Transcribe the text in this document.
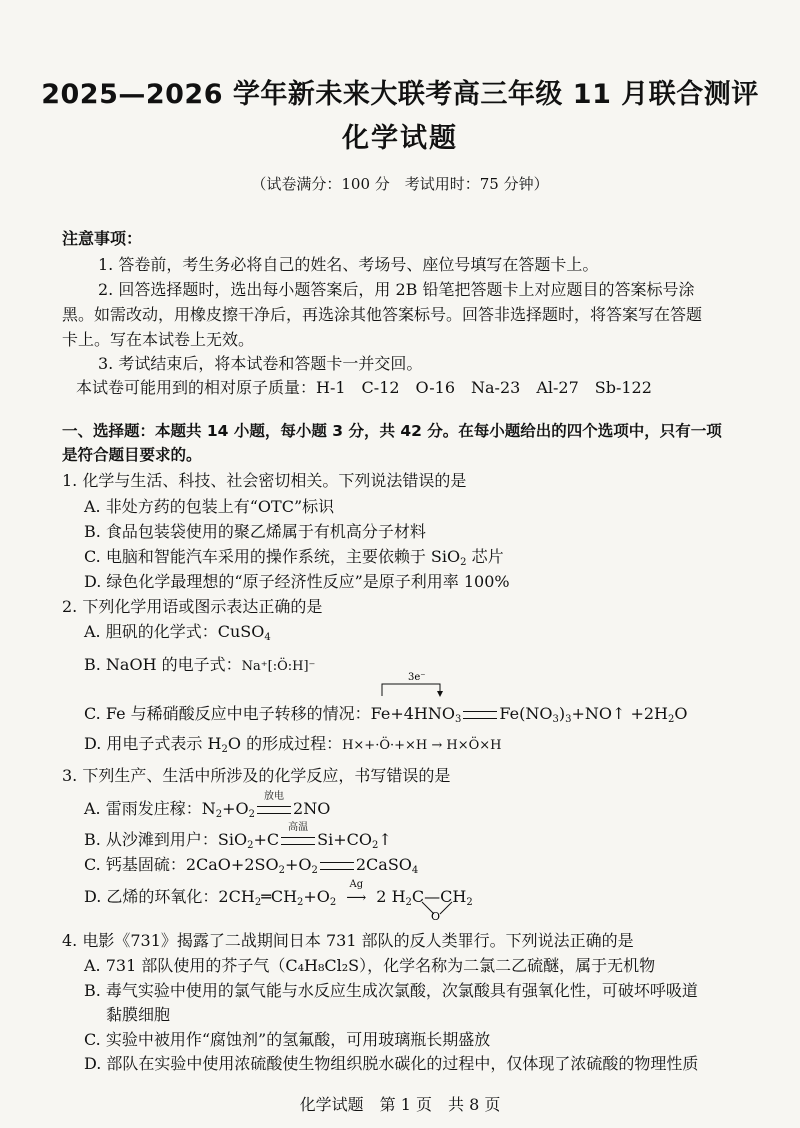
2025—2026 学年新未来大联考高三年级 11 月联合测评
化学试题
（试卷满分：100 分　考试用时：75 分钟）
注意事项：
1. 答卷前，考生务必将自己的姓名、考场号、座位号填写在答题卡上。
2. 回答选择题时，选出每小题答案后，用 2B 铅笔把答题卡上对应题目的答案标号涂
黑。如需改动，用橡皮擦干净后，再选涂其他答案标号。回答非选择题时，将答案写在答题
卡上。写在本试卷上无效。
3. 考试结束后，将本试卷和答题卡一并交回。
本试卷可能用到的相对原子质量：H-1　C-12　O-16　Na-23　Al-27　Sb-122
一、选择题：本题共 14 小题，每小题 3 分，共 42 分。在每小题给出的四个选项中，只有一项
是符合题目要求的。
1. 化学与生活、科技、社会密切相关。下列说法错误的是
A. 非处方药的包装上有“OTC”标识
B. 食品包装袋使用的聚乙烯属于有机高分子材料
C. 电脑和智能汽车采用的操作系统，主要依赖于 SiO$_2$ 芯片
D. 绿色化学最理想的“原子经济性反应”是原子利用率 100%
2. 下列化学用语或图示表达正确的是
A. 胆矾的化学式：CuSO$_4$
B. NaOH 的电子式：Na⁺[:Ö:H]⁻
3e⁻
C. Fe 与稀硝酸反应中电子转移的情况：$Fe+4HNO_3$ $Fe(NO_3)_3+NO↑ +2H_2O$
D. 用电子式表示 $H_2O$ 的形成过程：H×+·Ö·+×H → H×Ö×H
3. 下列生产、生活中所涉及的化学反应，书写错误的是
A. 雷雨发庄稼：$N_2+O_2$
放电
2NO
B. 从沙滩到用户：SiO$_2$+C
高温
$Si+CO_2↑$
C. 钙基固硫：$2CaO+2SO_2+O_2$ 2CaSO$_4$
D. 乙烯的环氧化：$2CH_2═CH_2+O_2$
Ag
⟶ 2 $H_2C—CH_2$
O
4. 电影《731》揭露了二战期间日本 731 部队的反人类罪行。下列说法正确的是
A. 731 部队使用的芥子气（C₄H₈Cl₂S），化学名称为二氯二乙硫醚，属于无机物
B. 毒气实验中使用的氯气能与水反应生成次氯酸，次氯酸具有强氧化性，可破坏呼吸道
黏膜细胞
C. 实验中被用作“腐蚀剂”的氢氟酸，可用玻璃瓶长期盛放
D. 部队在实验中使用浓硫酸使生物组织脱水碳化的过程中，仅体现了浓硫酸的物理性质
化学试题　第 1 页　共 8 页
